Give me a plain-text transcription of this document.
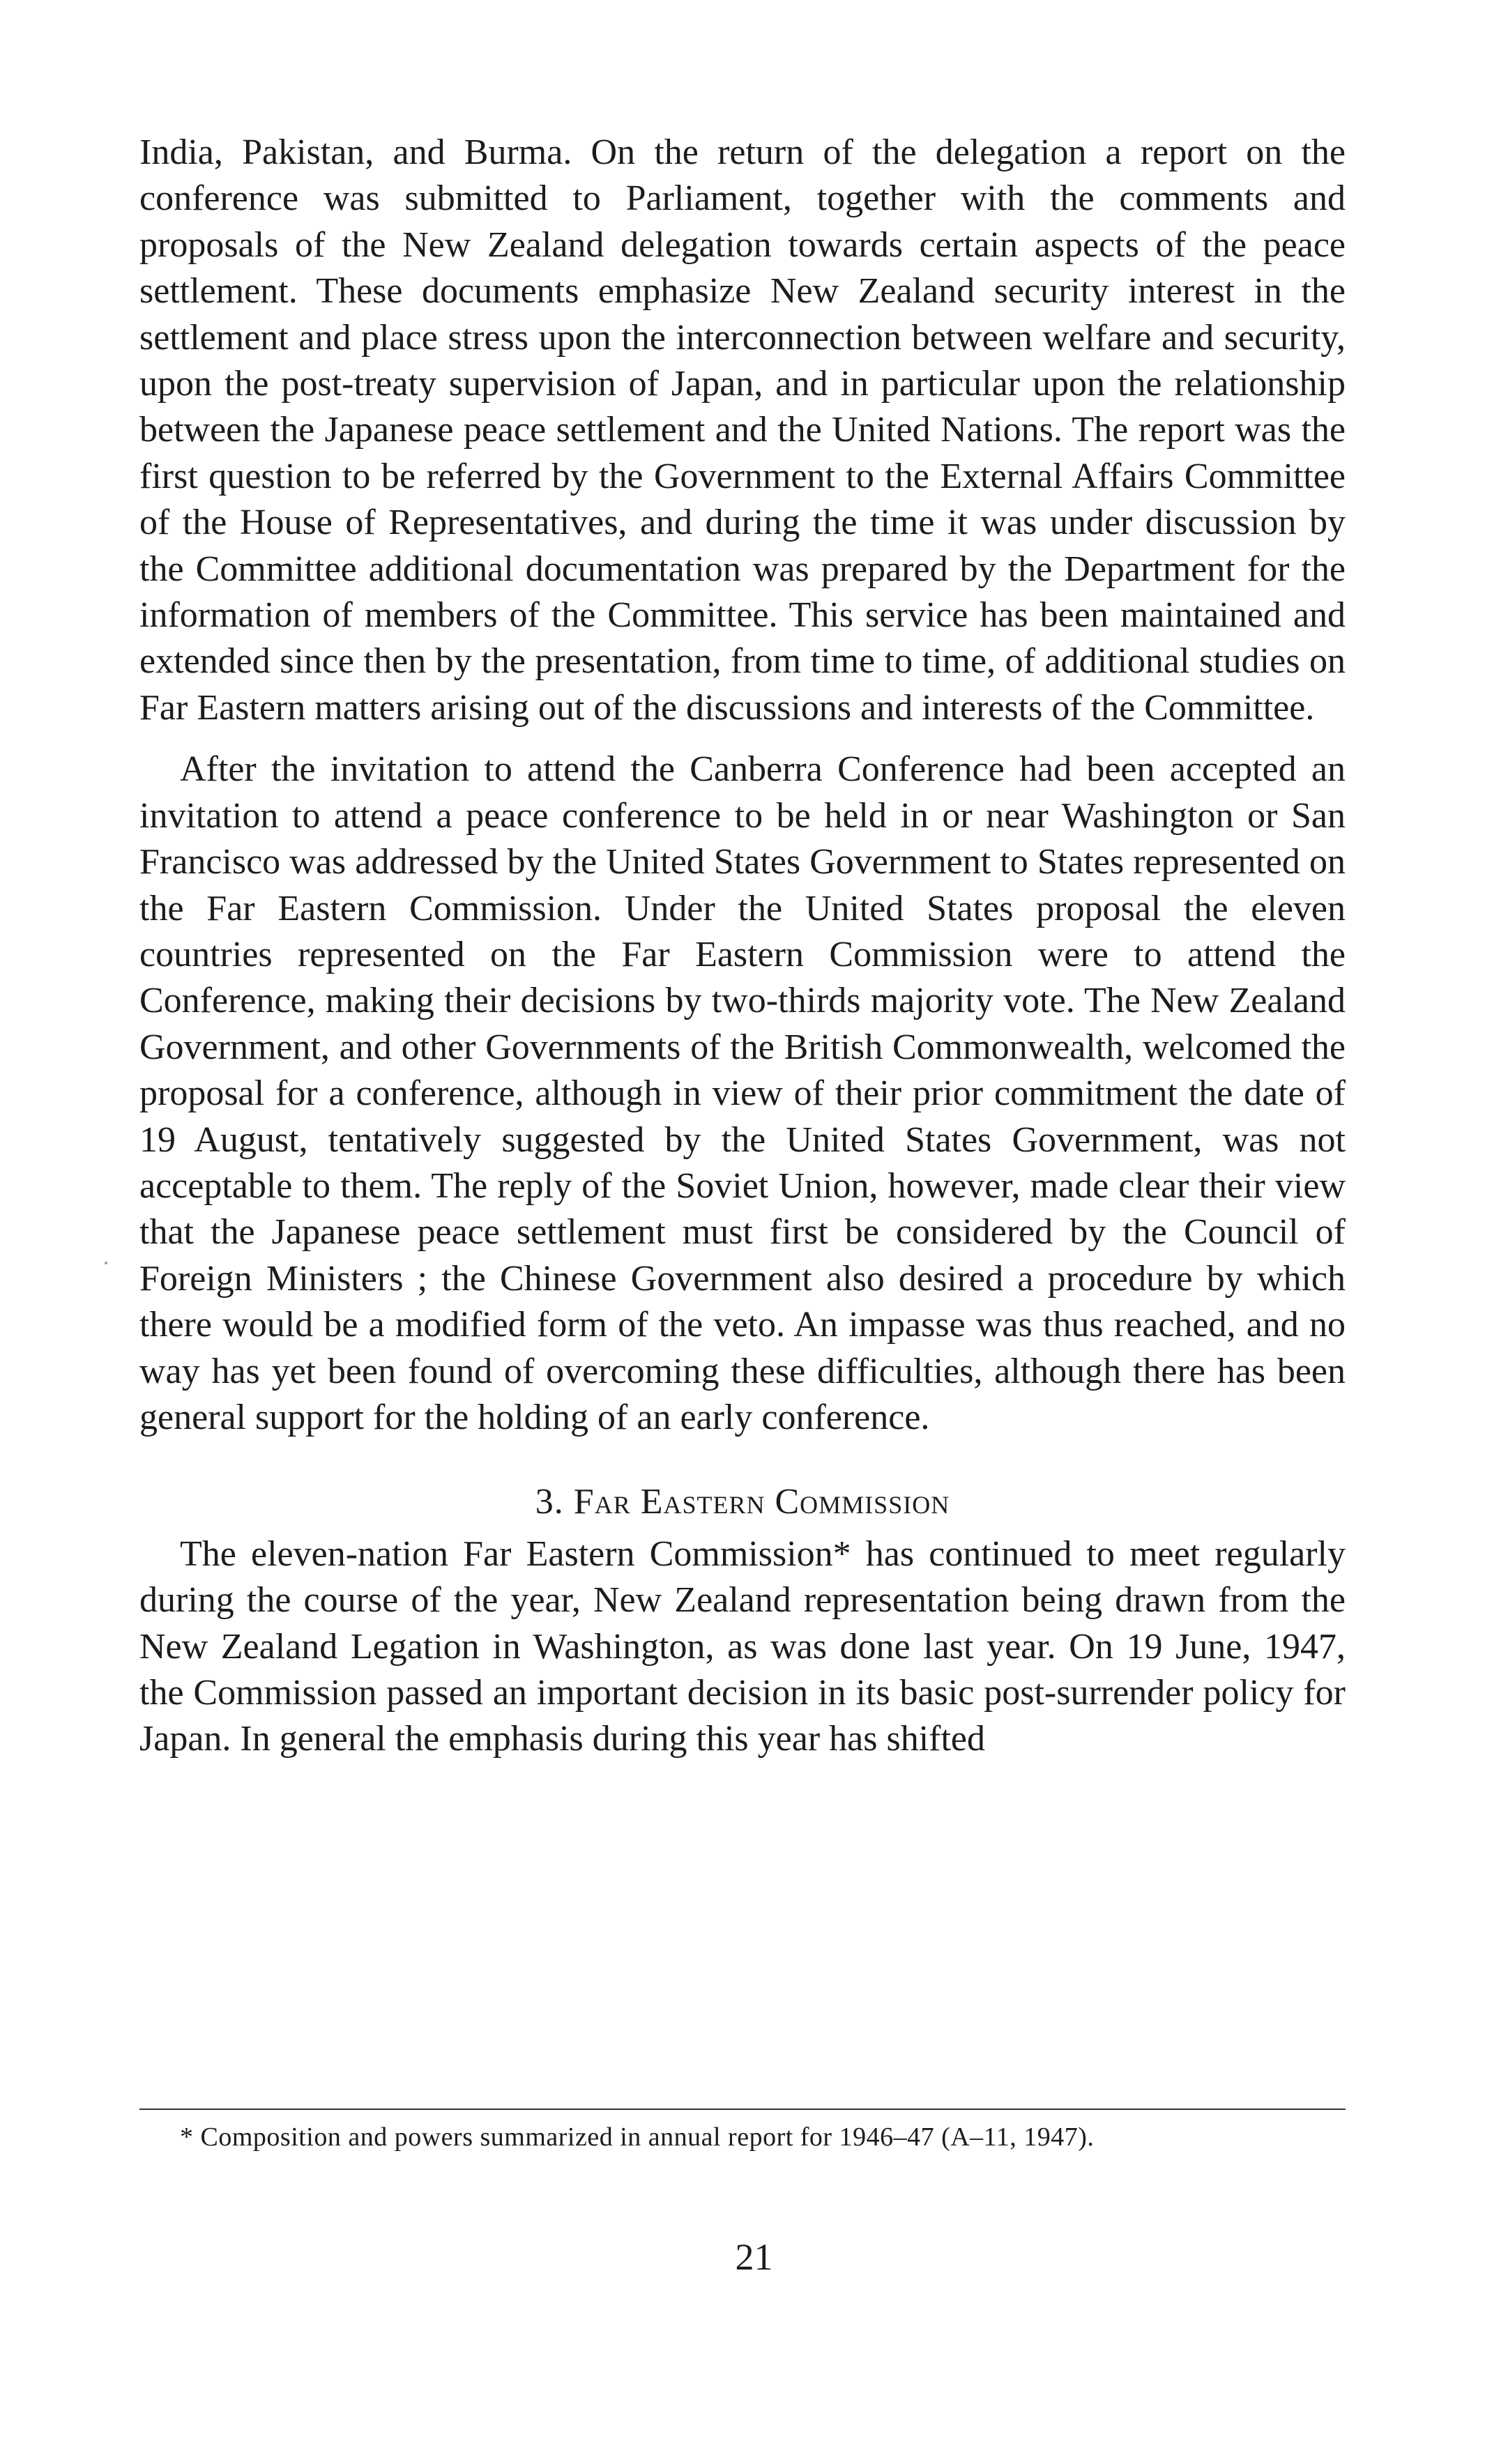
India, Pakistan, and Burma. On the return of the delegation a report on the conference was submitted to Parliament, together with the comments and proposals of the New Zealand delegation towards certain aspects of the peace settlement. These documents emphasize New Zealand security interest in the settlement and place stress upon the interconnection between welfare and security, upon the post-treaty supervision of Japan, and in particular upon the relationship between the Japanese peace settlement and the United Nations. The report was the first question to be referred by the Government to the External Affairs Committee of the House of Representatives, and during the time it was under discussion by the Committee additional documentation was prepared by the Department for the information of members of the Committee. This service has been maintained and extended since then by the presentation, from time to time, of additional studies on Far Eastern matters arising out of the discussions and interests of the Committee.

After the invitation to attend the Canberra Conference had been accepted an invitation to attend a peace conference to be held in or near Washington or San Francisco was addressed by the United States Government to States represented on the Far Eastern Commission. Under the United States proposal the eleven countries represented on the Far Eastern Commission were to attend the Conference, making their decisions by two-thirds majority vote. The New Zealand Government, and other Governments of the British Commonwealth, welcomed the proposal for a conference, although in view of their prior commitment the date of 19 August, tentatively suggested by the United States Government, was not acceptable to them. The reply of the Soviet Union, however, made clear their view that the Japanese peace settlement must first be considered by the Council of Foreign Ministers ; the Chinese Government also desired a procedure by which there would be a modified form of the veto. An impasse was thus reached, and no way has yet been found of overcoming these difficulties, although there has been general support for the holding of an early conference.

3. Far Eastern Commission

The eleven-nation Far Eastern Commission* has continued to meet regularly during the course of the year, New Zealand representation being drawn from the New Zealand Legation in Washington, as was done last year. On 19 June, 1947, the Commission passed an important decision in its basic post-surrender policy for Japan. In general the emphasis during this year has shifted

* Composition and powers summarized in annual report for 1946–47 (A–11, 1947).
21
